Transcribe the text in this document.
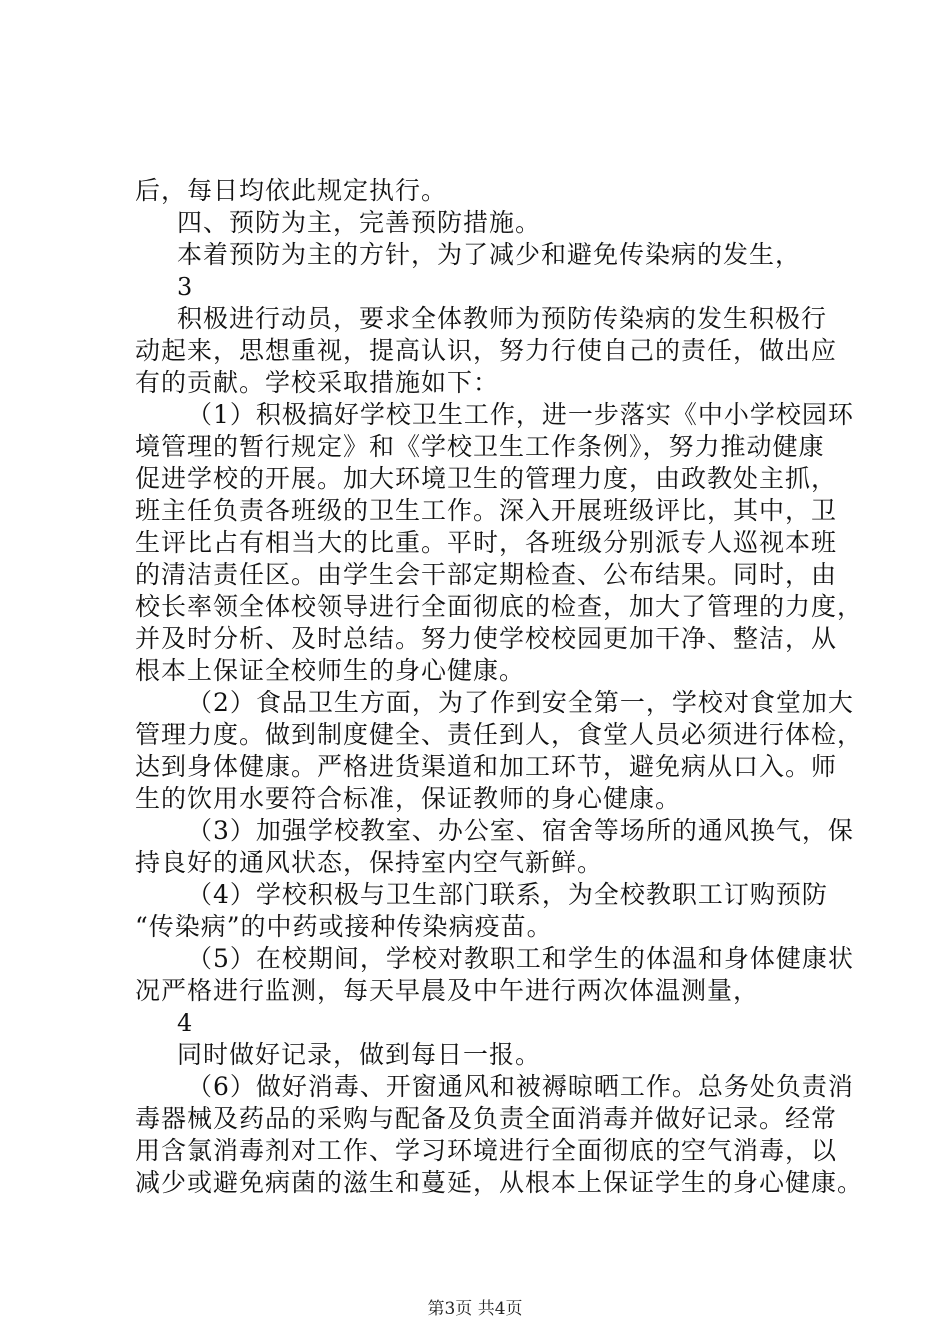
后，每日均依此规定执行。
四、预防为主，完善预防措施。
本着预防为主的方针，为了减少和避免传染病的发生，
3
积极进行动员，要求全体教师为预防传染病的发生积极行
动起来，思想重视，提高认识，努力行使自己的责任，做出应
有的贡献。学校采取措施如下：
（1）积极搞好学校卫生工作，进一步落实《中小学校园环
境管理的暂行规定》和《学校卫生工作条例》，努力推动健康
促进学校的开展。加大环境卫生的管理力度，由政教处主抓，
班主任负责各班级的卫生工作。深入开展班级评比，其中，卫
生评比占有相当大的比重。平时，各班级分别派专人巡视本班
的清洁责任区。由学生会干部定期检查、公布结果。同时，由
校长率领全体校领导进行全面彻底的检查，加大了管理的力度，
并及时分析、及时总结。努力使学校校园更加干净、整洁，从
根本上保证全校师生的身心健康。
（2）食品卫生方面，为了作到安全第一，学校对食堂加大
管理力度。做到制度健全、责任到人，食堂人员必须进行体检，
达到身体健康。严格进货渠道和加工环节，避免病从口入。师
生的饮用水要符合标准，保证教师的身心健康。
（3）加强学校教室、办公室、宿舍等场所的通风换气，保
持良好的通风状态，保持室内空气新鲜。
（4）学校积极与卫生部门联系，为全校教职工订购预防
“传染病”的中药或接种传染病疫苗。
（5）在校期间，学校对教职工和学生的体温和身体健康状
况严格进行监测，每天早晨及中午进行两次体温测量，
4
同时做好记录，做到每日一报。
（6）做好消毒、开窗通风和被褥晾晒工作。总务处负责消
毒器械及药品的采购与配备及负责全面消毒并做好记录。经常
用含氯消毒剂对工作、学习环境进行全面彻底的空气消毒，以
减少或避免病菌的滋生和蔓延，从根本上保证学生的身心健康。
第3页 共4页
